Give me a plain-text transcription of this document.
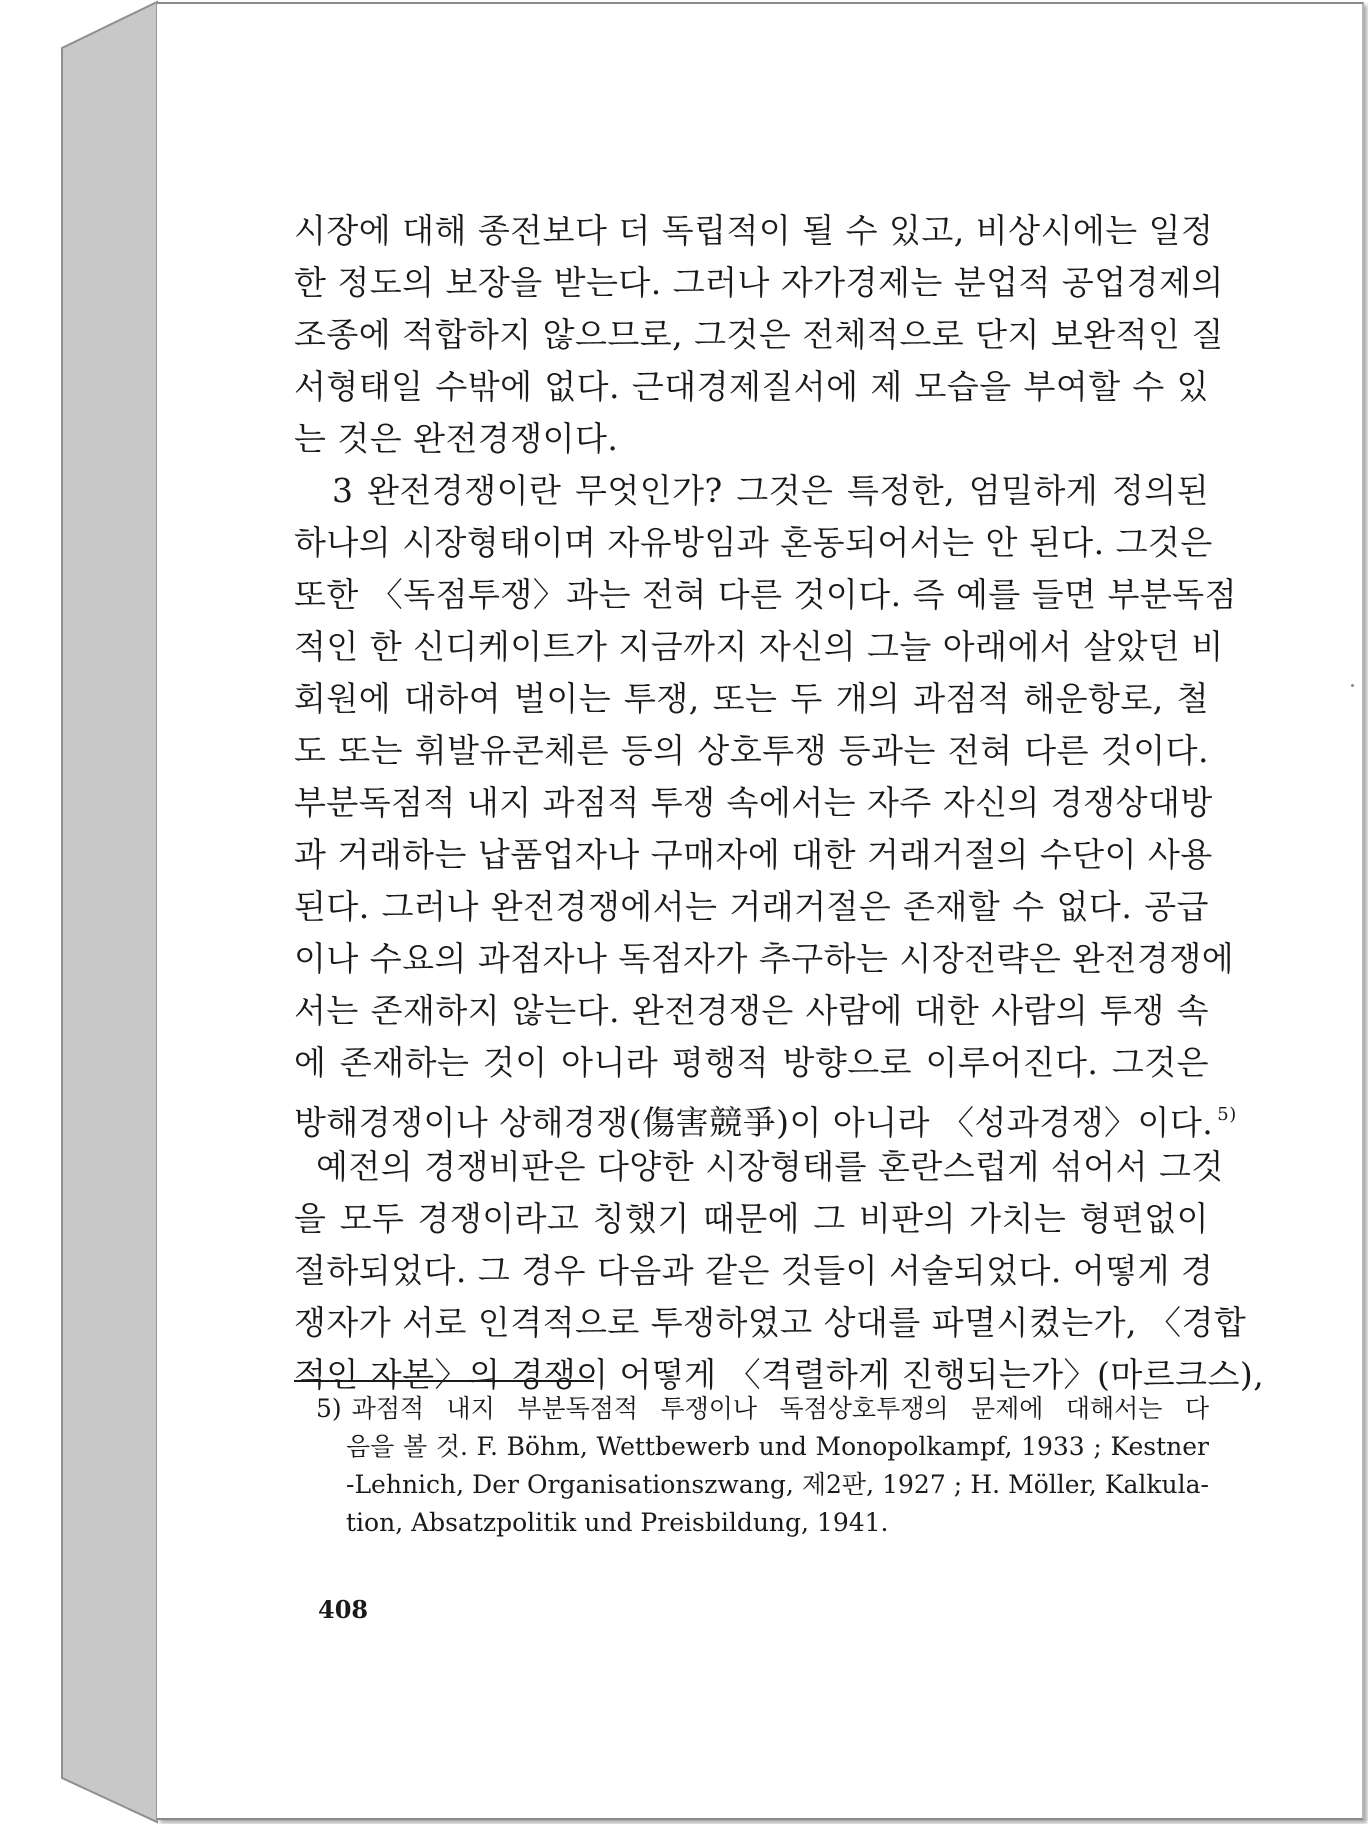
시장에 대해 종전보다 더 독립적이 될 수 있고, 비상시에는 일정
한 정도의 보장을 받는다. 그러나 자가경제는 분업적 공업경제의
조종에 적합하지 않으므로, 그것은 전체적으로 단지 보완적인 질
서형태일 수밖에 없다. 근대경제질서에 제 모습을 부여할 수 있
는 것은 완전경쟁이다.
3 완전경쟁이란 무엇인가? 그것은 특정한, 엄밀하게 정의된
하나의 시장형태이며 자유방임과 혼동되어서는 안 된다. 그것은
또한 〈독점투쟁〉과는 전혀 다른 것이다. 즉 예를 들면 부분독점
적인 한 신디케이트가 지금까지 자신의 그늘 아래에서 살았던 비
회원에 대하여 벌이는 투쟁, 또는 두 개의 과점적 해운항로, 철
도 또는 휘발유콘체른 등의 상호투쟁 등과는 전혀 다른 것이다.
부분독점적 내지 과점적 투쟁 속에서는 자주 자신의 경쟁상대방
과 거래하는 납품업자나 구매자에 대한 거래거절의 수단이 사용
된다. 그러나 완전경쟁에서는 거래거절은 존재할 수 없다. 공급
이나 수요의 과점자나 독점자가 추구하는 시장전략은 완전경쟁에
서는 존재하지 않는다. 완전경쟁은 사람에 대한 사람의 투쟁 속
에 존재하는 것이 아니라 평행적 방향으로 이루어진다. 그것은
방해경쟁이나 상해경쟁(傷害競爭)이 아니라 〈성과경쟁〉이다. $^{5)}$
예전의 경쟁비판은 다양한 시장형태를 혼란스럽게 섞어서 그것
을 모두 경쟁이라고 칭했기 때문에 그 비판의 가치는 형편없이
절하되었다. 그 경우 다음과 같은 것들이 서술되었다. 어떻게 경
쟁자가 서로 인격적으로 투쟁하였고 상대를 파멸시켰는가, 〈경합
적인 자본〉의 경쟁이 어떻게 〈격렬하게 진행되는가〉(마르크스),
5) 과점적 내지 부분독점적 투쟁이나 독점상호투쟁의 문제에 대해서는 다
음을 볼 것. F. Böhm, Wettbewerb und Monopolkampf, 1933 ; Kestner
-Lehnich, Der Organisationszwang, 제2판, 1927 ; H. Möller, Kalkula-
tion, Absatzpolitik und Preisbildung, 1941.
408
